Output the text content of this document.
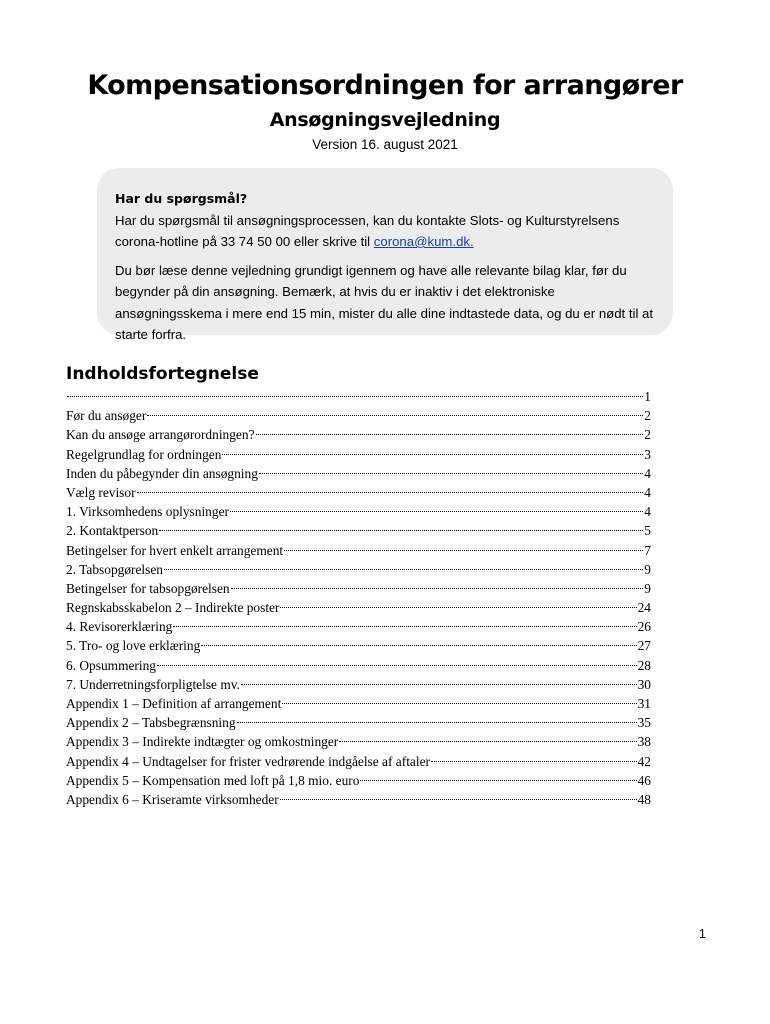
Kompensationsordningen for arrangører
Ansøgningsvejledning
Version 16. august 2021

Har du spørgsmål?

Har du spørgsmål til ansøgningsprocessen, kan du kontakte Slots- og Kulturstyrelsens corona-hotline på 33 74 50 00 eller skrive til corona@kum.dk.

Du bør læse denne vejledning grundigt igennem og have alle relevante bilag klar, før du begynder på din ansøgning. Bemærk, at hvis du er inaktiv i det elektroniske ansøgningsskema i mere end 15 min, mister du alle dine indtastede data, og du er nødt til at starte forfra.

Indholdsfortegnelse
1
Før du ansøger	2
Kan du ansøge arrangørordningen?	2
Regelgrundlag for ordningen	3
Inden du påbegynder din ansøgning	4
Vælg revisor	4
1. Virksomhedens oplysninger	4
2. Kontaktperson	5
Betingelser for hvert enkelt arrangement	7
2. Tabsopgørelsen	9
Betingelser for tabsopgørelsen	9
Regnskabsskabelon 2 – Indirekte poster	24
4. Revisorerklæring	26
5. Tro- og love erklæring	27
6. Opsummering	28
7. Underretningsforpligtelse mv.	30
Appendix 1 – Definition af arrangement	31
Appendix 2 – Tabsbegrænsning	35
Appendix 3 – Indirekte indtægter og omkostninger	38
Appendix 4 – Undtagelser for frister vedrørende indgåelse af aftaler	42
Appendix 5 – Kompensation med loft på 1,8 mio. euro	46
Appendix 6 – Kriseramte virksomheder	48
1
